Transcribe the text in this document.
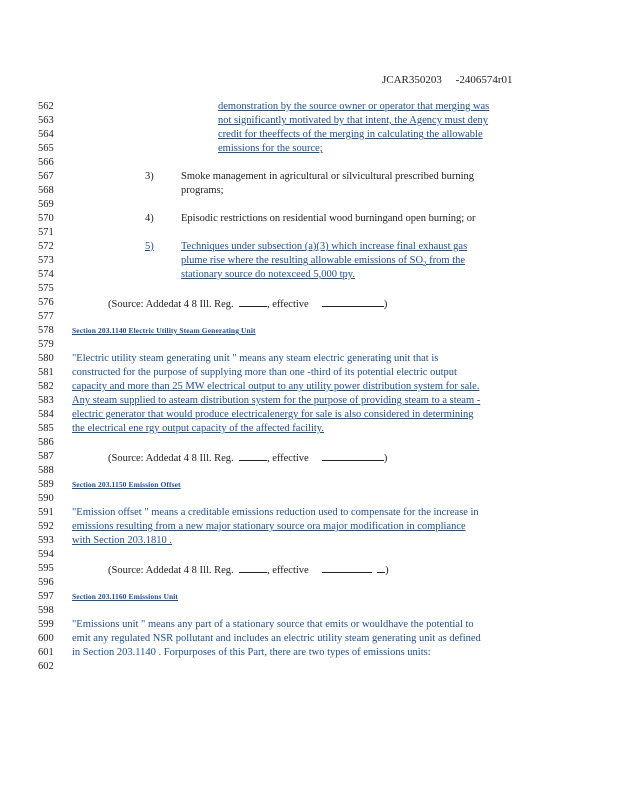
JCAR350203 -2406574r01
562
563
564
565
566
567
568
569
570
571
572
573
574
575
576
577
578
579
580
581
582
583
584
585
586
587
588
589
590
591
592
593
594
595
596
597
598
599
600
601
602
demonstration by the source owner or operator that merging was
not significantly motivated by that intent, the Agency must deny
credit for theeffects of the merging in calculating the allowable
emissions for the source;
3)	Smoke management in agricultural or silvicultural prescribed burning
programs;
4)	Episodic restrictions on residential wood burningand open burning; or
5)	Techniques under subsection (a)(3) which increase final exhaust gas
plume rise where the resulting allowable emissions of $SO_2$ from the
stationary source do notexceed 5,000 tpy.
(Source: Addedat 4 8 Ill. Reg.	, effective	)
Section 203.1140 Electric Utility Steam Generating Unit
"Electric utility steam generating unit " means any steam electric generating unit that is
constructed for the purpose of supplying more than one -third of its potential electric output
capacity and more than 25 MW electrical output to any utility power distribution system for sale.
Any steam supplied to asteam distribution system for the purpose of providing steam to a steam -
electric generator that would produce electricalenergy for sale is also considered in determining
the electrical ene rgy output capacity of the affected facility.
(Source: Addedat 4 8 Ill. Reg.	, effective	)
Section 203.1150 Emission Offset
"Emission offset " means a creditable emissions reduction used to compensate for the increase in
emissions resulting from a new major stationary source ora major modification in compliance
with Section 203.1810 .
(Source: Addedat 4 8 Ill. Reg.	, effective	)
Section 203.1160 Emissions Unit
"Emissions unit " means any part of a stationary source that emits or wouldhave the potential to
emit any regulated NSR pollutant and includes an electric utility steam generating unit as defined
in Section 203.1140 . Forpurposes of this Part, there are two types of emissions units:
